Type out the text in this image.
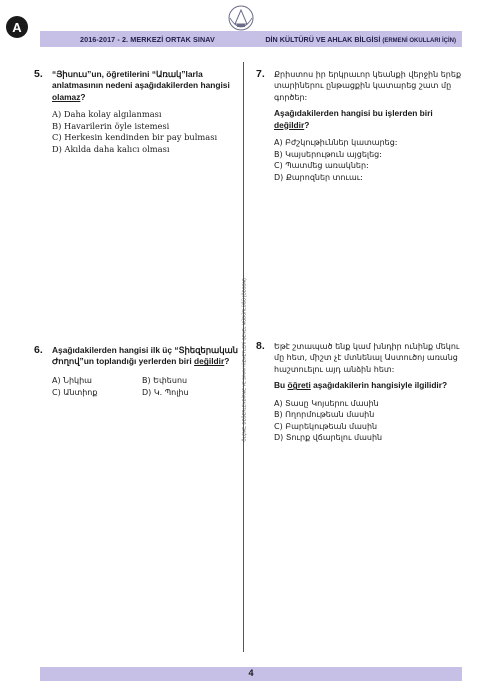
A
2016-2017 - 2. MERKEZİ ORTAK SINAV	DİN KÜLTÜRÜ VE AHLAK BİLGİSİ (ERMENİ OKULLARI İÇİN)
ÖLÇME, DEĞERLENDİRME VE SINAV HİZMETLERİ GENEL MÜDÜRLÜĞÜ (ÖDSGM)
5. “Յիսուս”un, öğretilerini “Առակ”larla anlatmasının nedeni aşağıdakilerden hangisi olamaz?
A) Daha kolay algılanması
B) Havarilerin öyle istemesi
C) Herkesin kendinden bir pay bulması
D) Akılda daha kalıcı olması
6. Aşağıdakilerden hangisi ilk üç “Տիեզերական Ժողով”un toplandığı yerlerden biri değildir?
A) Նիկիա	B) Եփեսոս
C) Անտիոք	D) Կ. Պոլիս
7. Քրիստոս իր երկրաւոր կեանքի վերջին երեք տարիներու ընթացքին կատարեց շատ մը գործեր:
Aşağıdakilerden hangisi bu işlerden biri değildir?
A) Բժշկութիւններ կատարեց:
B) Կայսերութուն այցելեց:
C) Պատմեց առակներ:
D) Քարոզներ տուաւ:
8. Եթէ շտապած ենք կամ խնդիր ունինք մեկու մը հետ, միշտ չէ մտնենալ Աստուծոյ առանց հաշտուելու այդ անձին հետ:
Bu öğreti aşağıdakilerin hangisiyle ilgilidir?
A) Տասը Կոյսերու մասին
B) Ողորմութեան մասին
C) Բարեկութեան մասին
D) Տուրք վճարելու մասին
4
